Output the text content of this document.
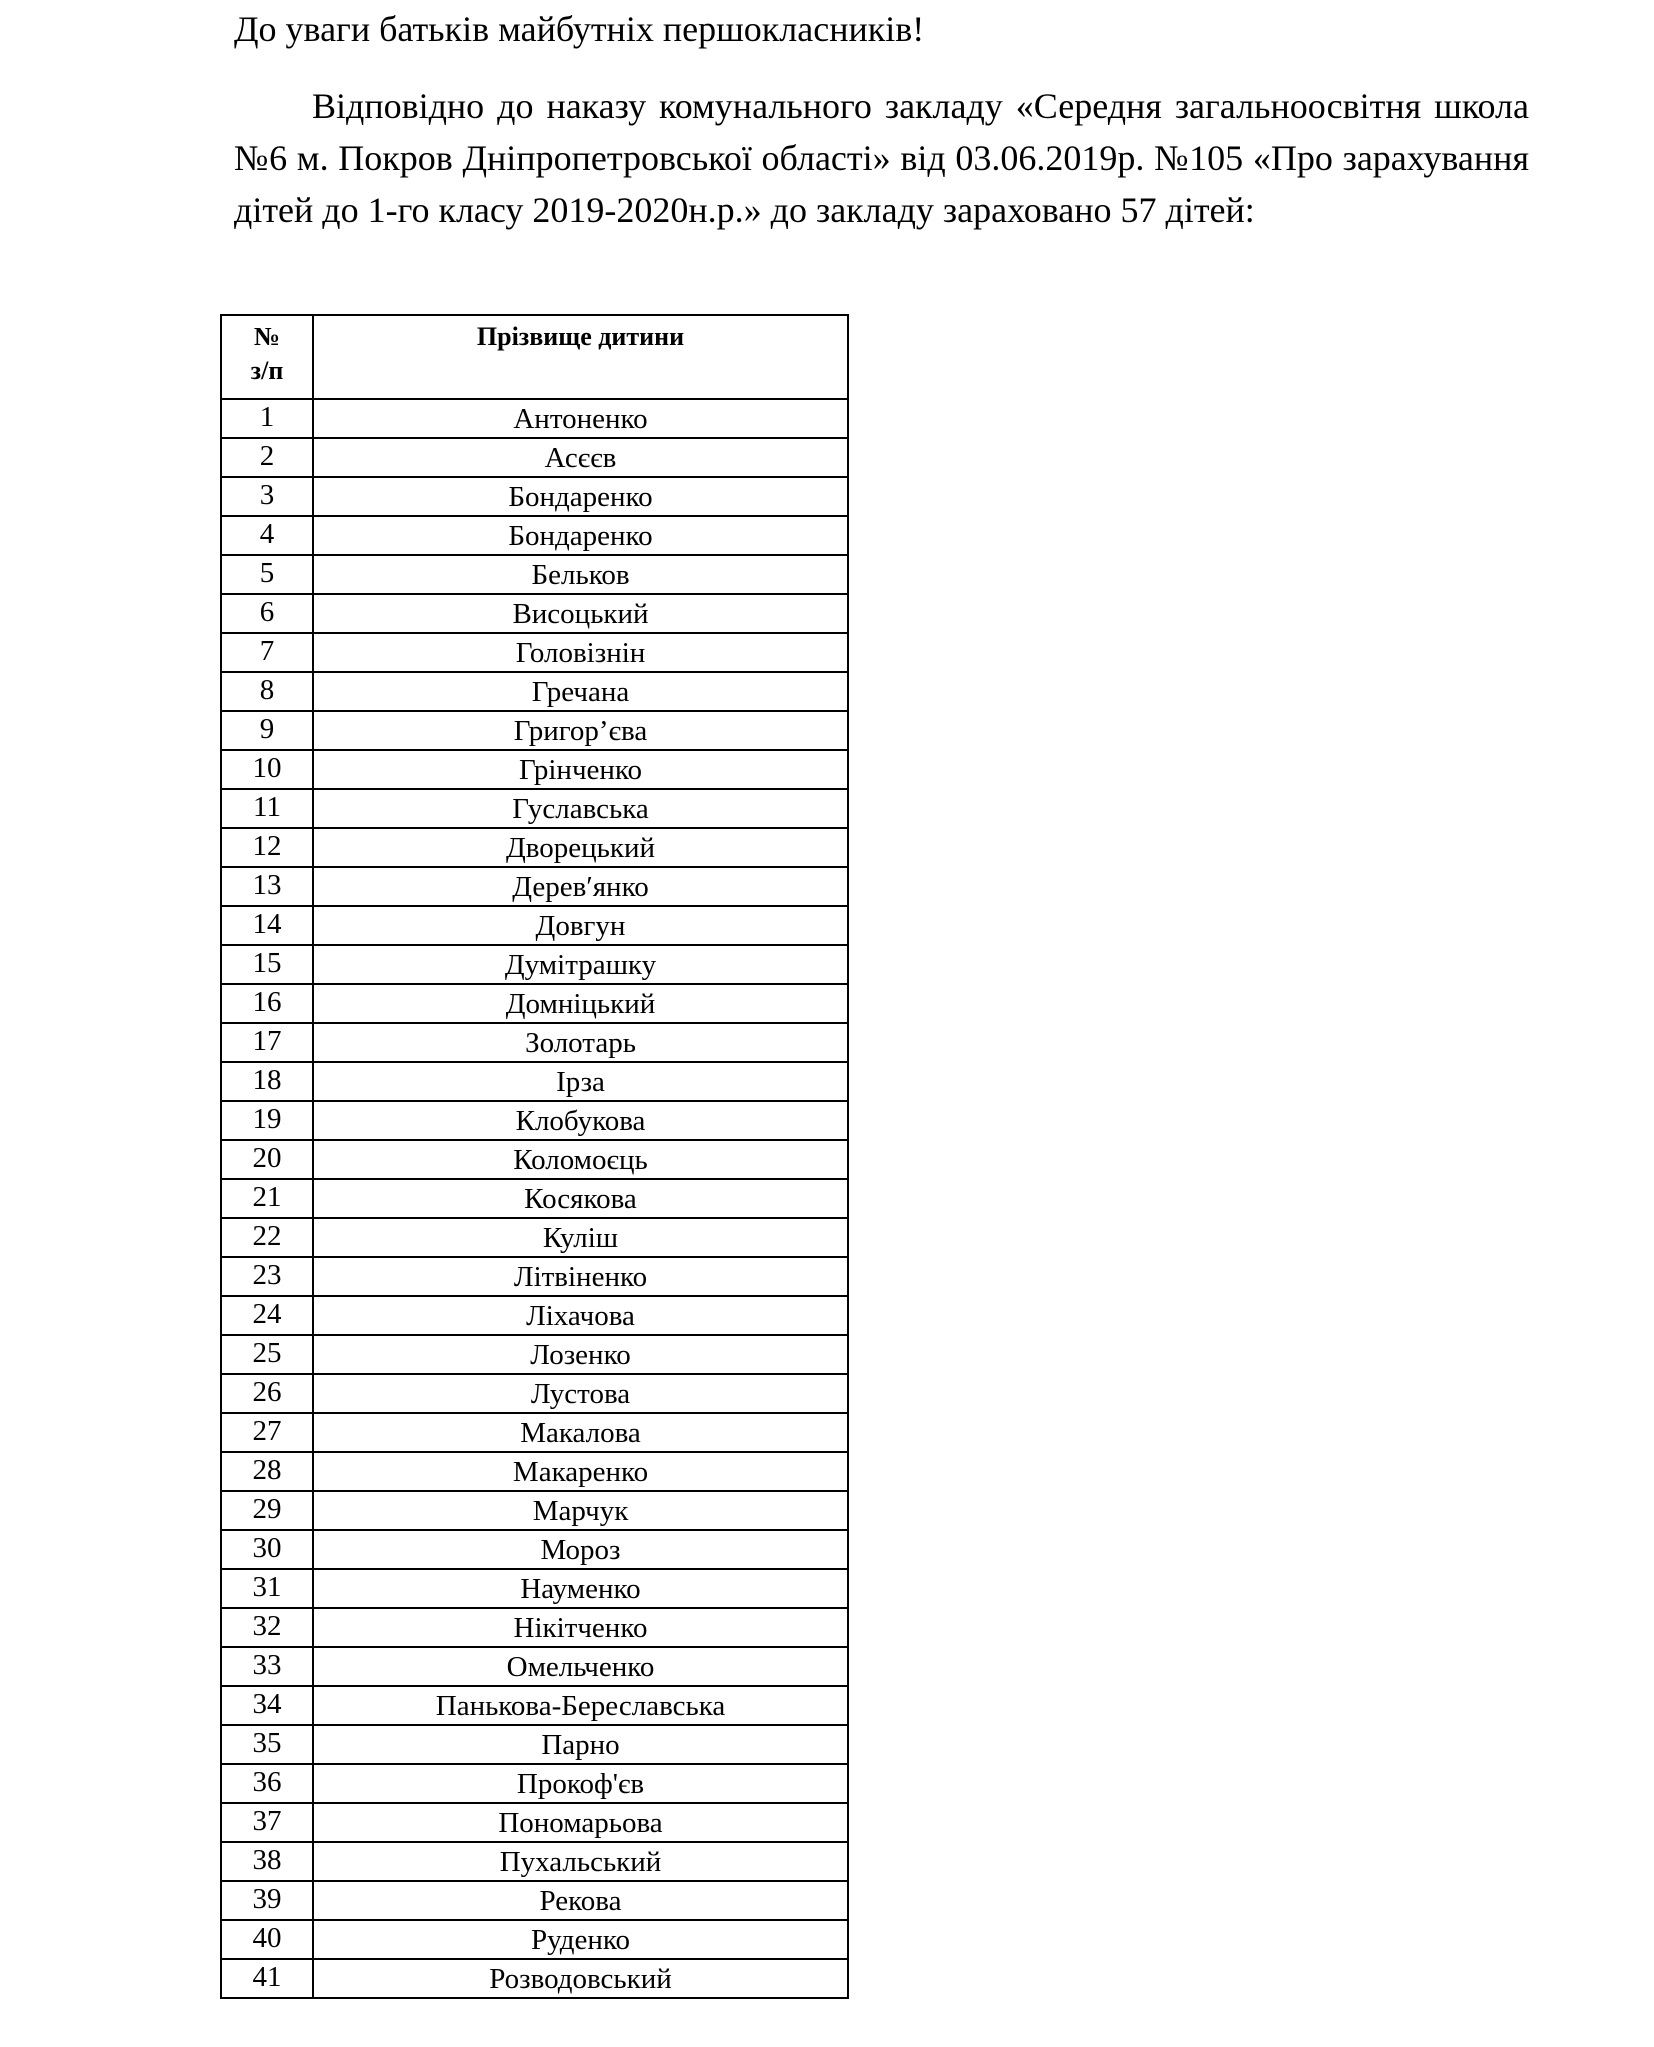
До уваги батьків майбутніх першокласників!
Відповідно до наказу комунального закладу «Середня загальноосвітня школа №6 м. Покров Дніпропетровської області» від 03.06.2019р. №105 «Про зарахування дітей до 1-го класу 2019-2020н.р.» до закладу зараховано 57 дітей:
№
з/п	Прізвище дитини
1	Антоненко
2	Асєєв
3	Бондаренко
4	Бондаренко
5	Бельков
6	Висоцький
7	Головізнін
8	Гречана
9	Григор’єва
10	Грінченко
11	Гуславська
12	Дворецький
13	Дерев′янко
14	Довгун
15	Думітрашку
16	Домніцький
17	Золотарь
18	Ірза
19	Клобукова
20	Коломоєць
21	Косякова
22	Куліш
23	Літвіненко
24	Ліхачова
25	Лозенко
26	Лустова
27	Макалова
28	Макаренко
29	Марчук
30	Мороз
31	Науменко
32	Нікітченко
33	Омельченко
34	Панькова-Береславська
35	Парно
36	Прокоф'єв
37	Пономарьова
38	Пухальський
39	Рекова
40	Руденко
41	Розводовський
